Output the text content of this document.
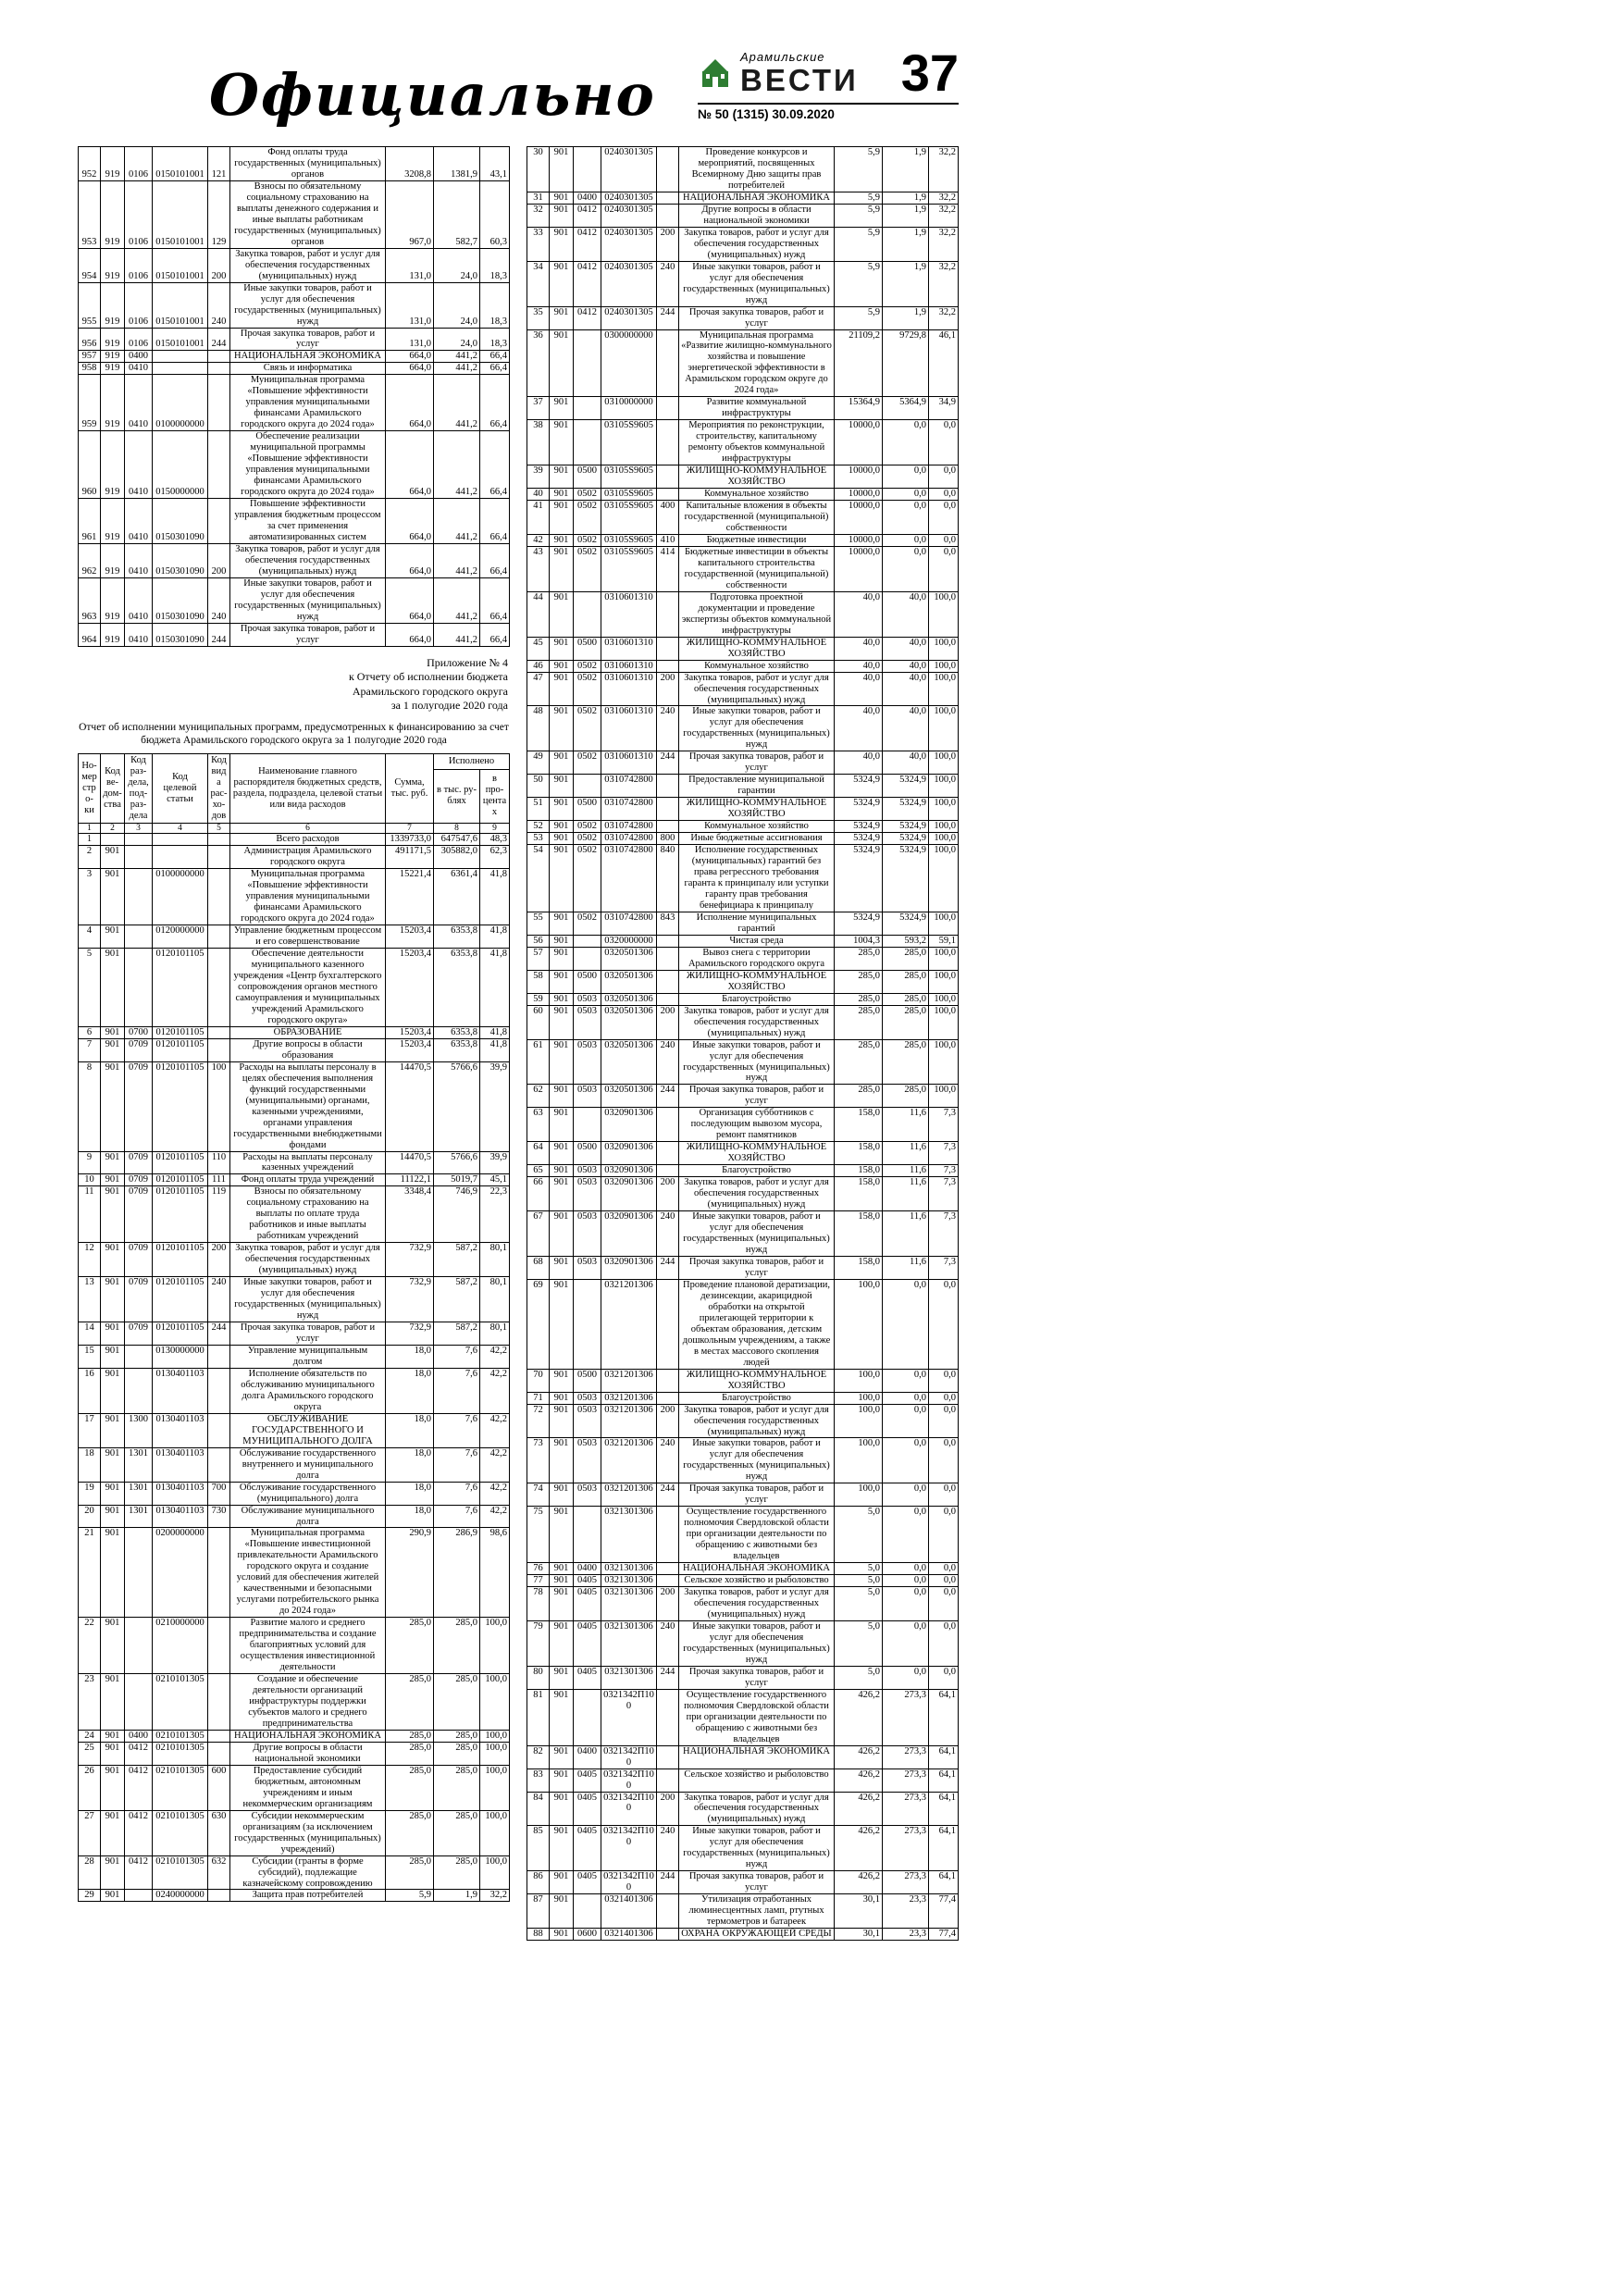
Официально
Арамильские
ВЕСТИ 37
№ 50 (1315) 30.09.2020
952	919	0106	0150101001	121	Фонд оплаты труда государственных (муниципальных) органов	3208,8	1381,9	43,1
953	919	0106	0150101001	129	Взносы по обязательному социальному страхованию на выплаты денежного содержания и иные выплаты работникам государственных (муниципальных) органов	967,0	582,7	60,3
954	919	0106	0150101001	200	Закупка товаров, работ и услуг для обеспечения государственных (муниципальных) нужд	131,0	24,0	18,3
955	919	0106	0150101001	240	Иные закупки товаров, работ и услуг для обеспечения государственных (муниципальных) нужд	131,0	24,0	18,3
956	919	0106	0150101001	244	Прочая закупка товаров, работ и услуг	131,0	24,0	18,3
957	919	0400			НАЦИОНАЛЬНАЯ ЭКОНОМИКА	664,0	441,2	66,4
958	919	0410			Связь и информатика	664,0	441,2	66,4
959	919	0410	0100000000		Муниципальная программа «Повышение эффективности управления муниципальными финансами Арамильского городского округа до 2024 года»	664,0	441,2	66,4
960	919	0410	0150000000		Обеспечение реализации муниципальной программы «Повышение эффективности управления муниципальными финансами Арамильского городского округа до 2024 года»	664,0	441,2	66,4
961	919	0410	0150301090		Повышение эффективности управления бюджетным процессом за счет применения автоматизированных систем	664,0	441,2	66,4
962	919	0410	0150301090	200	Закупка товаров, работ и услуг для обеспечения государственных (муниципальных) нужд	664,0	441,2	66,4
963	919	0410	0150301090	240	Иные закупки товаров, работ и услуг для обеспечения государственных (муниципальных) нужд	664,0	441,2	66,4
964	919	0410	0150301090	244	Прочая закупка товаров, работ и услуг	664,0	441,2	66,4
Приложение № 4
к Отчету об исполнении бюджета
Арамильского городского округа
за 1 полугодие 2020 года
Отчет об исполнении муниципальных программ, предусмотренных к финансированию за счет бюджета Арамильского городского округа за 1 полугодие 2020 года
Но-мер стро-ки	Код ве-дом-ства	Код раз-дела, под-раз-дела	Код целевой статьи	Код вида рас-хо-дов	Наименование главного распорядителя бюджетных средств, раздела, подраздела, целевой статьи или вида расходов	Сумма, тыс. руб.	Исполнено	
							в тыс. ру-блях	в про-центах
1	2	3	4	5	6	7	8	9
1					Всего расходов	1339733,0	647547,6	48,3
2	901				Администрация Арамильского городского округа	491171,5	305882,0	62,3
3	901		0100000000		Муниципальная программа «Повышение эффективности управления муниципальными финансами Арамильского городского округа до 2024 года»	15221,4	6361,4	41,8
4	901		0120000000		Управление бюджетным процессом и его совершенствование	15203,4	6353,8	41,8
5	901		0120101105		Обеспечение деятельности муниципального казенного учреждения «Центр бухгалтерского сопровождения органов местного самоуправления и муниципальных учреждений Арамильского городского округа»	15203,4	6353,8	41,8
6	901	0700	0120101105		ОБРАЗОВАНИЕ	15203,4	6353,8	41,8
7	901	0709	0120101105		Другие вопросы в области образования	15203,4	6353,8	41,8
8	901	0709	0120101105	100	Расходы на выплаты персоналу в целях обеспечения выполнения функций государственными (муниципальными) органами, казенными учреждениями, органами управления государственными внебюджетными фондами	14470,5	5766,6	39,9
9	901	0709	0120101105	110	Расходы на выплаты персоналу казенных учреждений	14470,5	5766,6	39,9
10	901	0709	0120101105	111	Фонд оплаты труда учреждений	11122,1	5019,7	45,1
11	901	0709	0120101105	119	Взносы по обязательному социальному страхованию на выплаты по оплате труда работников и иные выплаты работникам учреждений	3348,4	746,9	22,3
12	901	0709	0120101105	200	Закупка товаров, работ и услуг для обеспечения государственных (муниципальных) нужд	732,9	587,2	80,1
13	901	0709	0120101105	240	Иные закупки товаров, работ и услуг для обеспечения государственных (муниципальных) нужд	732,9	587,2	80,1
14	901	0709	0120101105	244	Прочая закупка товаров, работ и услуг	732,9	587,2	80,1
15	901		0130000000		Управление муниципальным долгом	18,0	7,6	42,2
16	901		0130401103		Исполнение обязательств по обслуживанию муниципального долга Арамильского городского округа	18,0	7,6	42,2
17	901	1300	0130401103		ОБСЛУЖИВАНИЕ ГОСУДАРСТВЕННОГО И МУНИЦИПАЛЬНОГО ДОЛГА	18,0	7,6	42,2
18	901	1301	0130401103		Обслуживание государственного внутреннего и муниципального долга	18,0	7,6	42,2
19	901	1301	0130401103	700	Обслуживание государственного (муниципального) долга	18,0	7,6	42,2
20	901	1301	0130401103	730	Обслуживание муниципального долга	18,0	7,6	42,2
21	901		0200000000		Муниципальная программа «Повышение инвестиционной привлекательности Арамильского городского округа и создание условий для обеспечения жителей качественными и безопасными услугами потребительского рынка до 2024 года»	290,9	286,9	98,6
22	901		0210000000		Развитие малого и среднего предпринимательства и создание благоприятных условий для осуществления инвестиционной деятельности	285,0	285,0	100,0
23	901		0210101305		Создание и обеспечение деятельности организаций инфраструктуры поддержки субъектов малого и среднего предпринимательства	285,0	285,0	100,0
24	901	0400	0210101305		НАЦИОНАЛЬНАЯ ЭКОНОМИКА	285,0	285,0	100,0
25	901	0412	0210101305		Другие вопросы в области национальной экономики	285,0	285,0	100,0
26	901	0412	0210101305	600	Предоставление субсидий бюджетным, автономным учреждениям и иным некоммерческим организациям	285,0	285,0	100,0
27	901	0412	0210101305	630	Субсидии некоммерческим организациям (за исключением государственных (муниципальных) учреждений)	285,0	285,0	100,0
28	901	0412	0210101305	632	Субсидии (гранты в форме субсидий), подлежащие казначейскому сопровождению	285,0	285,0	100,0
29	901		0240000000		Защита прав потребителей	5,9	1,9	32,2
30	901		0240301305		Проведение конкурсов и мероприятий, посвященных Всемирному Дню защиты прав потребителей	5,9	1,9	32,2
31	901	0400	0240301305		НАЦИОНАЛЬНАЯ ЭКОНОМИКА	5,9	1,9	32,2
32	901	0412	0240301305		Другие вопросы в области национальной экономики	5,9	1,9	32,2
33	901	0412	0240301305	200	Закупка товаров, работ и услуг для обеспечения государственных (муниципальных) нужд	5,9	1,9	32,2
34	901	0412	0240301305	240	Иные закупки товаров, работ и услуг для обеспечения государственных (муниципальных) нужд	5,9	1,9	32,2
35	901	0412	0240301305	244	Прочая закупка товаров, работ и услуг	5,9	1,9	32,2
36	901		0300000000		Муниципальная программа «Развитие жилищно-коммунального хозяйства и повышение энергетической эффективности в Арамильском городском округе до 2024 года»	21109,2	9729,8	46,1
37	901		0310000000		Развитие коммунальной инфраструктуры	15364,9	5364,9	34,9
38	901		03105S9605		Мероприятия по реконструкции, строительству, капитальному ремонту объектов коммунальной инфраструктуры	10000,0	0,0	0,0
39	901	0500	03105S9605		ЖИЛИЩНО-КОММУНАЛЬНОЕ ХОЗЯЙСТВО	10000,0	0,0	0,0
40	901	0502	03105S9605		Коммунальное хозяйство	10000,0	0,0	0,0
41	901	0502	03105S9605	400	Капитальные вложения в объекты государственной (муниципальной) собственности	10000,0	0,0	0,0
42	901	0502	03105S9605	410	Бюджетные инвестиции	10000,0	0,0	0,0
43	901	0502	03105S9605	414	Бюджетные инвестиции в объекты капитального строительства государственной (муниципальной) собственности	10000,0	0,0	0,0
44	901		0310601310		Подготовка проектной документации и проведение экспертизы объектов коммунальной инфраструктуры	40,0	40,0	100,0
45	901	0500	0310601310		ЖИЛИЩНО-КОММУНАЛЬНОЕ ХОЗЯЙСТВО	40,0	40,0	100,0
46	901	0502	0310601310		Коммунальное хозяйство	40,0	40,0	100,0
47	901	0502	0310601310	200	Закупка товаров, работ и услуг для обеспечения государственных (муниципальных) нужд	40,0	40,0	100,0
48	901	0502	0310601310	240	Иные закупки товаров, работ и услуг для обеспечения государственных (муниципальных) нужд	40,0	40,0	100,0
49	901	0502	0310601310	244	Прочая закупка товаров, работ и услуг	40,0	40,0	100,0
50	901		0310742800		Предоставление муниципальной гарантии	5324,9	5324,9	100,0
51	901	0500	0310742800		ЖИЛИЩНО-КОММУНАЛЬНОЕ ХОЗЯЙСТВО	5324,9	5324,9	100,0
52	901	0502	0310742800		Коммунальное хозяйство	5324,9	5324,9	100,0
53	901	0502	0310742800	800	Иные бюджетные ассигнования	5324,9	5324,9	100,0
54	901	0502	0310742800	840	Исполнение государственных (муниципальных) гарантий без права регрессного требования гаранта к принципалу или уступки гаранту прав требования бенефициара к принципалу	5324,9	5324,9	100,0
55	901	0502	0310742800	843	Исполнение муниципальных гарантий	5324,9	5324,9	100,0
56	901		0320000000		Чистая среда	1004,3	593,2	59,1
57	901		0320501306		Вывоз снега с территории Арамильского городского округа	285,0	285,0	100,0
58	901	0500	0320501306		ЖИЛИЩНО-КОММУНАЛЬНОЕ ХОЗЯЙСТВО	285,0	285,0	100,0
59	901	0503	0320501306		Благоустройство	285,0	285,0	100,0
60	901	0503	0320501306	200	Закупка товаров, работ и услуг для обеспечения государственных (муниципальных) нужд	285,0	285,0	100,0
61	901	0503	0320501306	240	Иные закупки товаров, работ и услуг для обеспечения государственных (муниципальных) нужд	285,0	285,0	100,0
62	901	0503	0320501306	244	Прочая закупка товаров, работ и услуг	285,0	285,0	100,0
63	901		0320901306		Организация субботников с последующим вывозом мусора, ремонт памятников	158,0	11,6	7,3
64	901	0500	0320901306		ЖИЛИЩНО-КОММУНАЛЬНОЕ ХОЗЯЙСТВО	158,0	11,6	7,3
65	901	0503	0320901306		Благоустройство	158,0	11,6	7,3
66	901	0503	0320901306	200	Закупка товаров, работ и услуг для обеспечения государственных (муниципальных) нужд	158,0	11,6	7,3
67	901	0503	0320901306	240	Иные закупки товаров, работ и услуг для обеспечения государственных (муниципальных) нужд	158,0	11,6	7,3
68	901	0503	0320901306	244	Прочая закупка товаров, работ и услуг	158,0	11,6	7,3
69	901		0321201306		Проведение плановой дератизации, дезинсекции, акарицидной обработки на открытой прилегающей территории к объектам образования, детским дошкольным учреждениям, а также в местах массового скопления людей	100,0	0,0	0,0
70	901	0500	0321201306		ЖИЛИЩНО-КОММУНАЛЬНОЕ ХОЗЯЙСТВО	100,0	0,0	0,0
71	901	0503	0321201306		Благоустройство	100,0	0,0	0,0
72	901	0503	0321201306	200	Закупка товаров, работ и услуг для обеспечения государственных (муниципальных) нужд	100,0	0,0	0,0
73	901	0503	0321201306	240	Иные закупки товаров, работ и услуг для обеспечения государственных (муниципальных) нужд	100,0	0,0	0,0
74	901	0503	0321201306	244	Прочая закупка товаров, работ и услуг	100,0	0,0	0,0
75	901		0321301306		Осуществление государственного полномочия Свердловской области при организации деятельности по обращению с животными без владельцев	5,0	0,0	0,0
76	901	0400	0321301306		НАЦИОНАЛЬНАЯ ЭКОНОМИКА	5,0	0,0	0,0
77	901	0405	0321301306		Сельское хозяйство и рыболовство	5,0	0,0	0,0
78	901	0405	0321301306	200	Закупка товаров, работ и услуг для обеспечения государственных (муниципальных) нужд	5,0	0,0	0,0
79	901	0405	0321301306	240	Иные закупки товаров, работ и услуг для обеспечения государственных (муниципальных) нужд	5,0	0,0	0,0
80	901	0405	0321301306	244	Прочая закупка товаров, работ и услуг	5,0	0,0	0,0
81	901		0321342П100		Осуществление государственного полномочия Свердловской области при организации деятельности по обращению с животными без владельцев	426,2	273,3	64,1
82	901	0400	0321342П100		НАЦИОНАЛЬНАЯ ЭКОНОМИКА	426,2	273,3	64,1
83	901	0405	0321342П100		Сельское хозяйство и рыболовство	426,2	273,3	64,1
84	901	0405	0321342П100	200	Закупка товаров, работ и услуг для обеспечения государственных (муниципальных) нужд	426,2	273,3	64,1
85	901	0405	0321342П100	240	Иные закупки товаров, работ и услуг для обеспечения государственных (муниципальных) нужд	426,2	273,3	64,1
86	901	0405	0321342П100	244	Прочая закупка товаров, работ и услуг	426,2	273,3	64,1
87	901		0321401306		Утилизация отработанных люминесцентных ламп, ртутных термометров и батареек	30,1	23,3	77,4
88	901	0600	0321401306		ОХРАНА ОКРУЖАЮЩЕЙ СРЕДЫ	30,1	23,3	77,4
